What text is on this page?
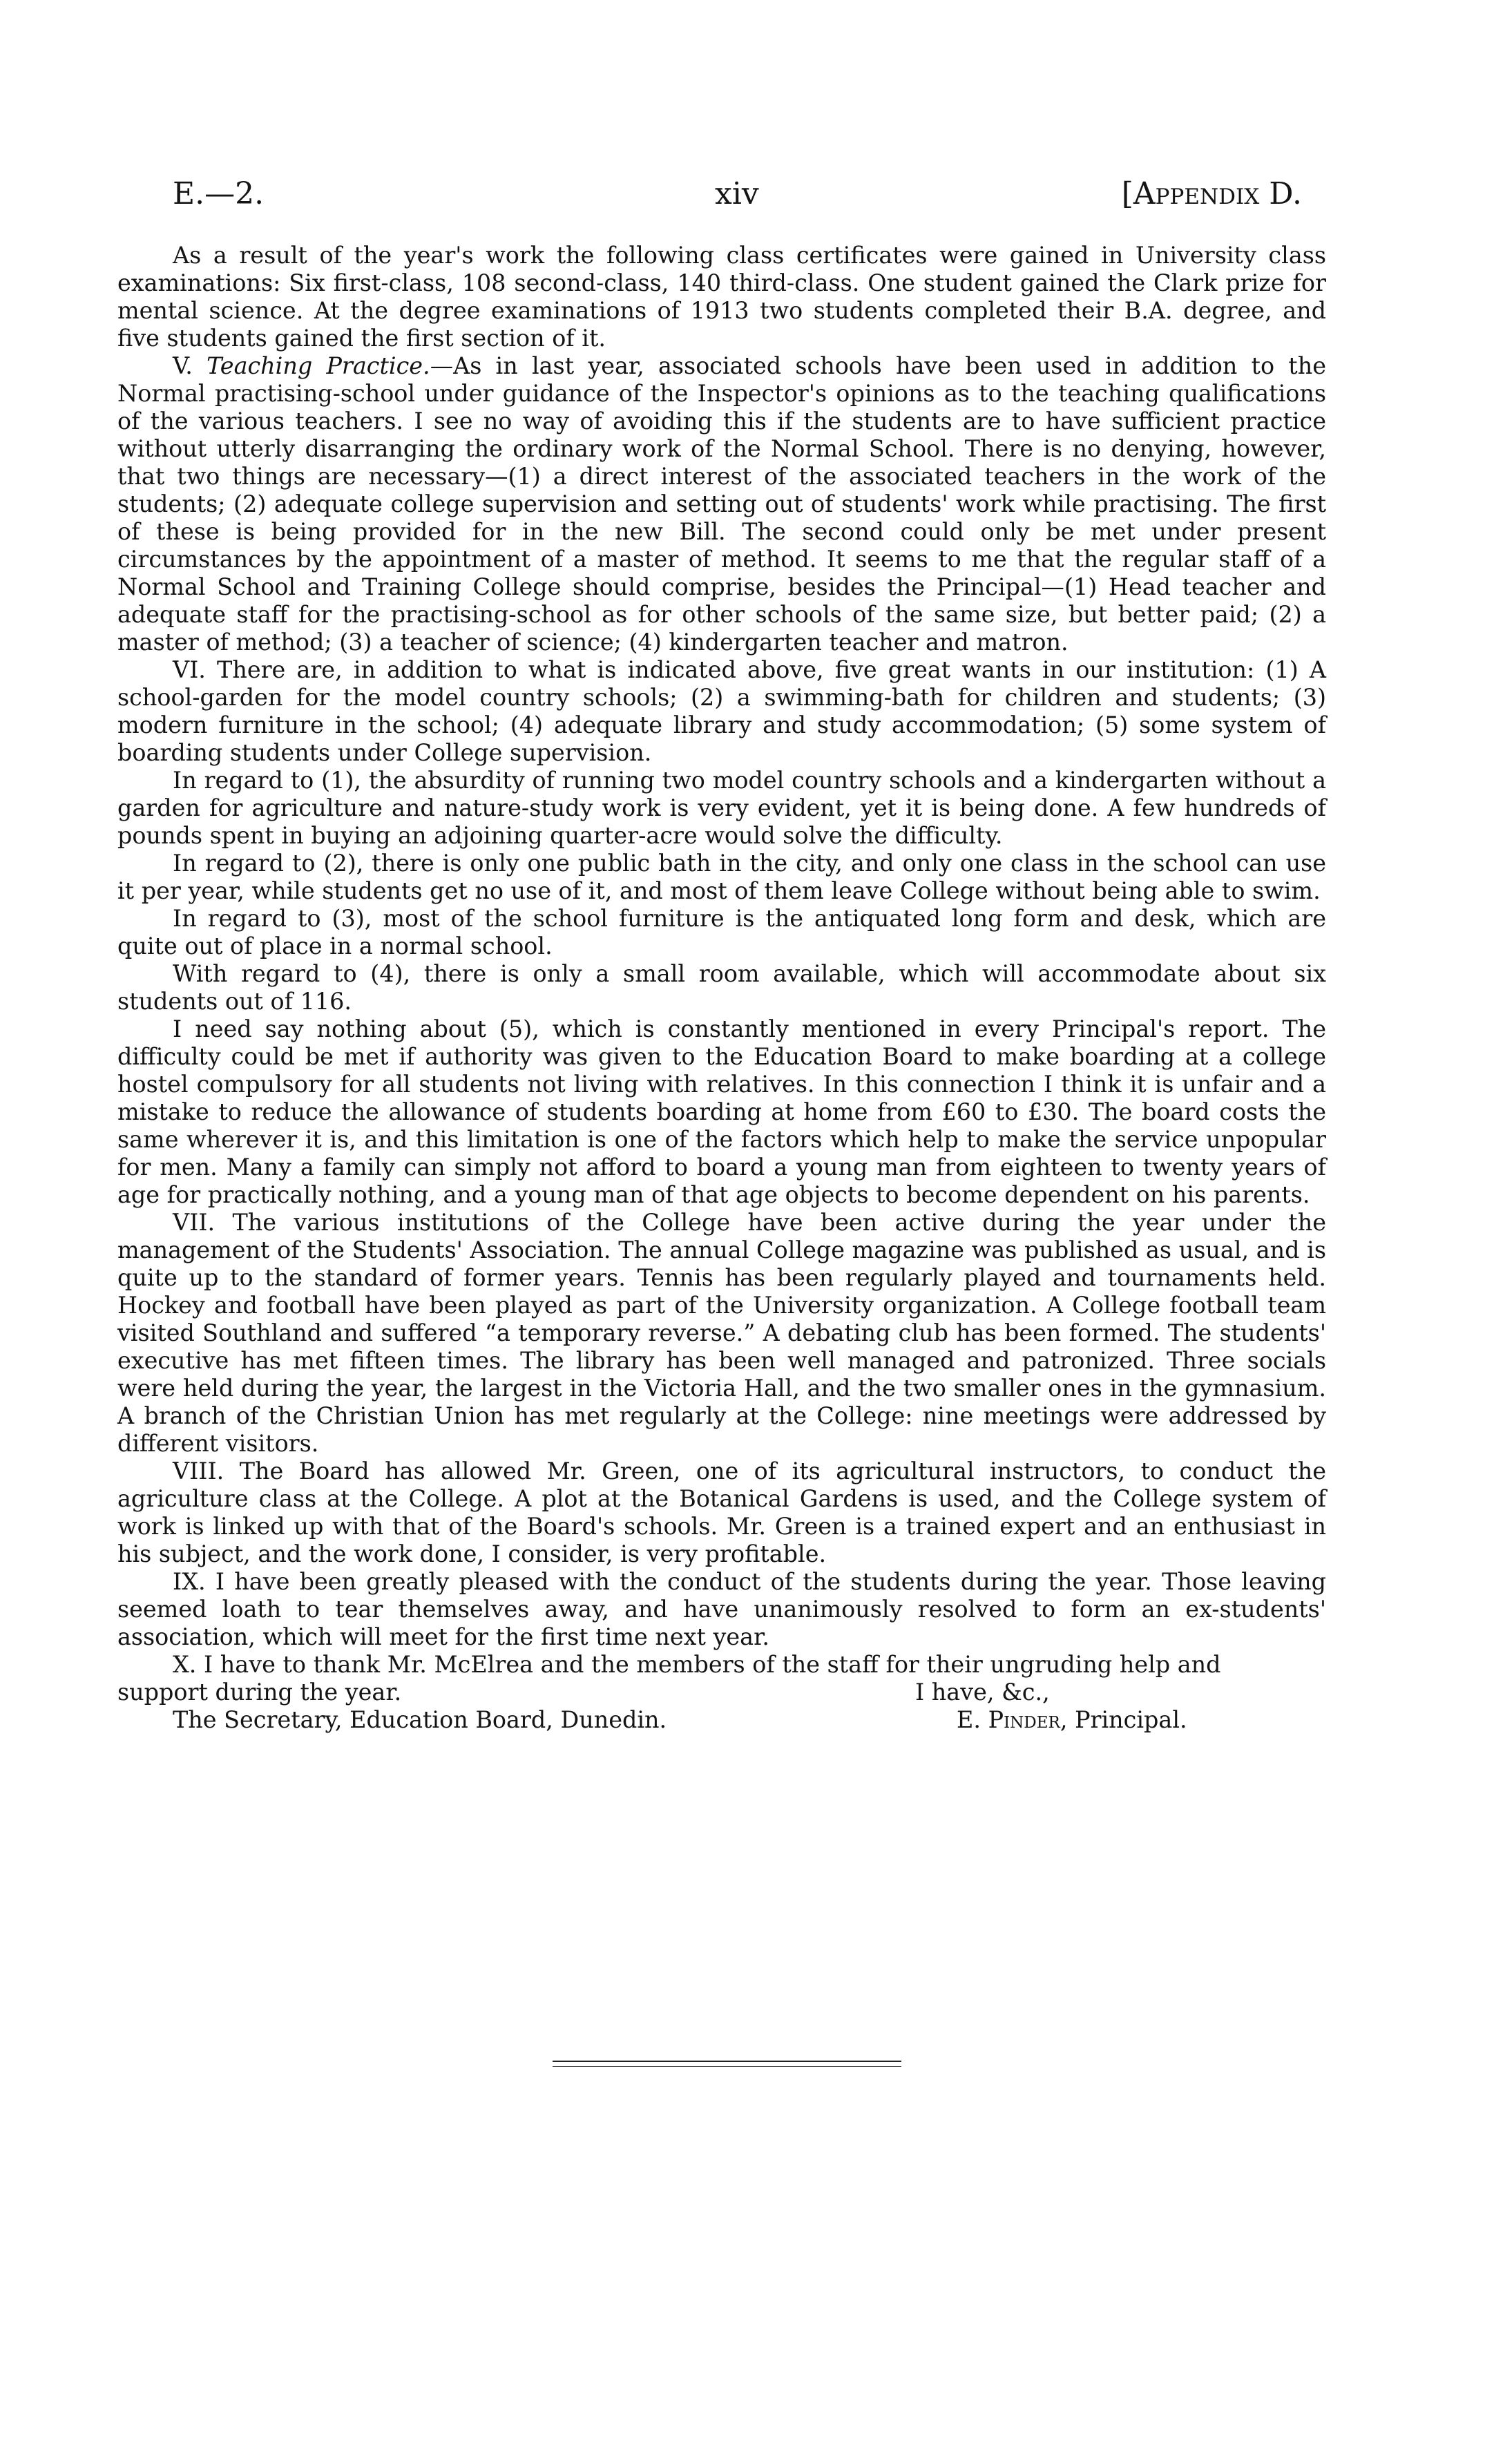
E.—2.	xiv	[Appendix D.

As a result of the year's work the following class certificates were gained in University class examinations: Six first-class, 108 second-class, 140 third-class. One student gained the Clark prize for mental science. At the degree examinations of 1913 two students completed their B.A. degree, and five students gained the first section of it.

V. Teaching Practice.—As in last year, associated schools have been used in addition to the Normal practising-school under guidance of the Inspector's opinions as to the teaching qualifications of the various teachers. I see no way of avoiding this if the students are to have sufficient practice without utterly disarranging the ordinary work of the Normal School. There is no denying, however, that two things are necessary—(1) a direct interest of the associated teachers in the work of the students; (2) adequate college supervision and setting out of students' work while practising. The first of these is being provided for in the new Bill. The second could only be met under present circumstances by the appointment of a master of method. It seems to me that the regular staff of a Normal School and Training College should comprise, besides the Principal—(1) Head teacher and adequate staff for the practising-school as for other schools of the same size, but better paid; (2) a master of method; (3) a teacher of science; (4) kindergarten teacher and matron.

VI. There are, in addition to what is indicated above, five great wants in our institution: (1) A school-garden for the model country schools; (2) a swimming-bath for children and students; (3) modern furniture in the school; (4) adequate library and study accommodation; (5) some system of boarding students under College supervision.

In regard to (1), the absurdity of running two model country schools and a kindergarten without a garden for agriculture and nature-study work is very evident, yet it is being done. A few hundreds of pounds spent in buying an adjoining quarter-acre would solve the difficulty.

In regard to (2), there is only one public bath in the city, and only one class in the school can use it per year, while students get no use of it, and most of them leave College without being able to swim.

In regard to (3), most of the school furniture is the antiquated long form and desk, which are quite out of place in a normal school.

With regard to (4), there is only a small room available, which will accommodate about six students out of 116.

I need say nothing about (5), which is constantly mentioned in every Principal's report. The difficulty could be met if authority was given to the Education Board to make boarding at a college hostel compulsory for all students not living with relatives. In this connection I think it is unfair and a mistake to reduce the allowance of students boarding at home from £60 to £30. The board costs the same wherever it is, and this limitation is one of the factors which help to make the service unpopular for men. Many a family can simply not afford to board a young man from eighteen to twenty years of age for practically nothing, and a young man of that age objects to become dependent on his parents.

VII. The various institutions of the College have been active during the year under the management of the Students' Association. The annual College magazine was published as usual, and is quite up to the standard of former years. Tennis has been regularly played and tournaments held. Hockey and football have been played as part of the University organization. A College football team visited Southland and suffered “a temporary reverse.” A debating club has been formed. The students' executive has met fifteen times. The library has been well managed and patronized. Three socials were held during the year, the largest in the Victoria Hall, and the two smaller ones in the gymnasium. A branch of the Christian Union has met regularly at the College: nine meetings were addressed by different visitors.

VIII. The Board has allowed Mr. Green, one of its agricultural instructors, to conduct the agriculture class at the College. A plot at the Botanical Gardens is used, and the College system of work is linked up with that of the Board's schools. Mr. Green is a trained expert and an enthusiast in his subject, and the work done, I consider, is very profitable.

IX. I have been greatly pleased with the conduct of the students during the year. Those leaving seemed loath to tear themselves away, and have unanimously resolved to form an ex-students' association, which will meet for the first time next year.

X. I have to thank Mr. McElrea and the members of the staff for their ungruding help and

support during the year.	I have, &c.,
The Secretary, Education Board, Dunedin.	E. Pinder, Principal.
